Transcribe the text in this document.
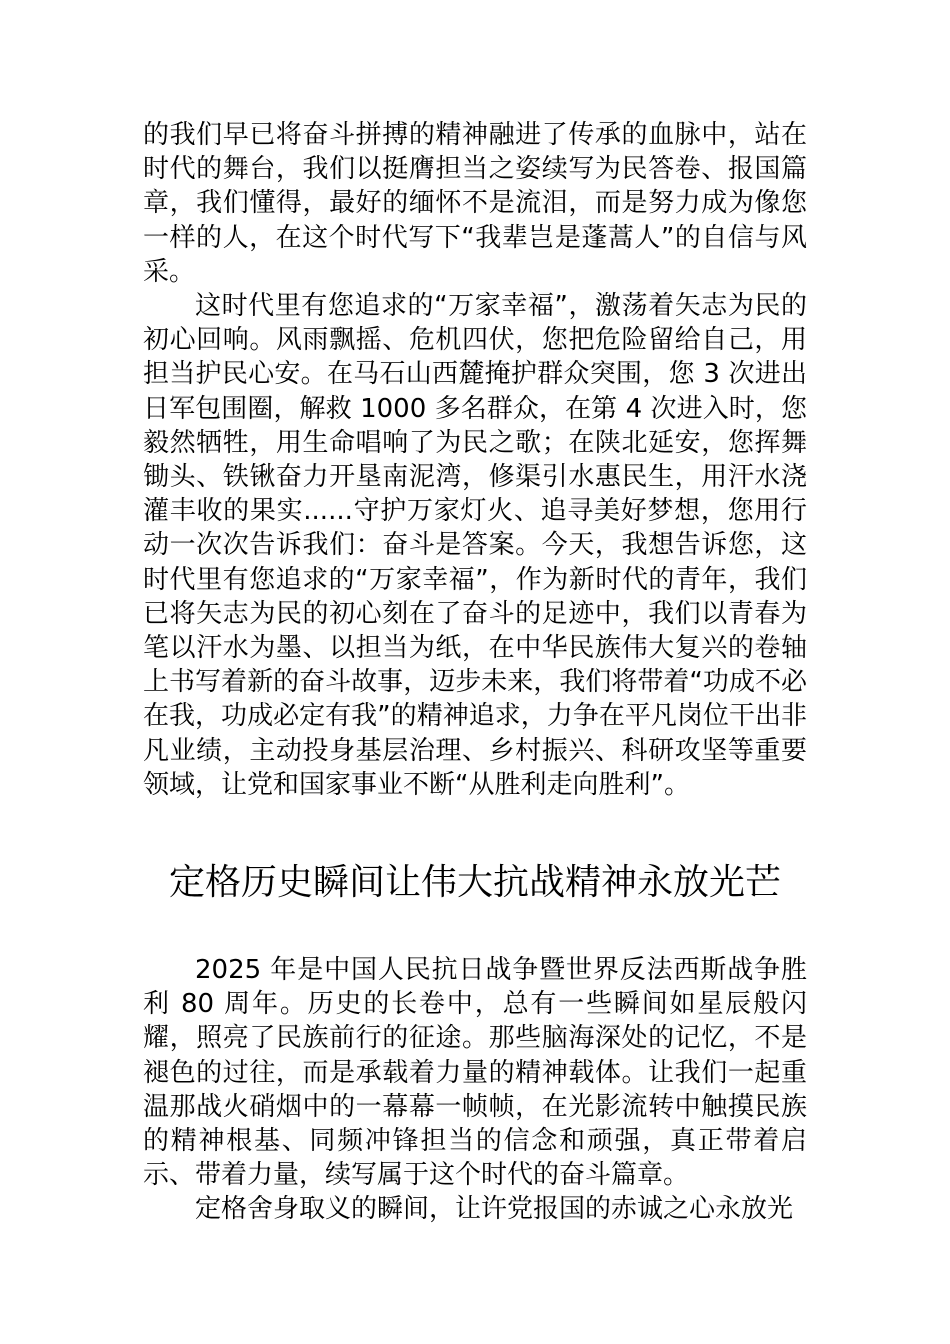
的我们早已将奋斗拼搏的精神融进了传承的血脉中，站在时代的舞台，我们以挺膺担当之姿续写为民答卷、报国篇章，我们懂得，最好的缅怀不是流泪，而是努力成为像您一样的人，在这个时代写下“我辈岂是蓬蒿人”的自信与风采。

这时代里有您追求的“万家幸福”，激荡着矢志为民的初心回响。风雨飘摇、危机四伏，您把危险留给自己，用担当护民心安。在马石山西麓掩护群众突围，您 3 次进出日军包围圈，解救 1000 多名群众，在第 4 次进入时，您毅然牺牲，用生命唱响了为民之歌；在陕北延安，您挥舞锄头、铁锹奋力开垦南泥湾，修渠引水惠民生，用汗水浇灌丰收的果实......守护万家灯火、追寻美好梦想，您用行动一次次告诉我们：奋斗是答案。今天，我想告诉您，这时代里有您追求的“万家幸福”，作为新时代的青年，我们已将矢志为民的初心刻在了奋斗的足迹中，我们以青春为笔以汗水为墨、以担当为纸，在中华民族伟大复兴的卷轴上书写着新的奋斗故事，迈步未来，我们将带着“功成不必在我，功成必定有我”的精神追求，力争在平凡岗位干出非凡业绩，主动投身基层治理、乡村振兴、科研攻坚等重要领域，让党和国家事业不断“从胜利走向胜利”。

定格历史瞬间让伟大抗战精神永放光芒

2025 年是中国人民抗日战争暨世界反法西斯战争胜利 80 周年。历史的长卷中，总有一些瞬间如星辰般闪耀，照亮了民族前行的征途。那些脑海深处的记忆，不是褪色的过往，而是承载着力量的精神载体。让我们一起重温那战火硝烟中的一幕幕一帧帧，在光影流转中触摸民族的精神根基、同频冲锋担当的信念和顽强，真正带着启示、带着力量，续写属于这个时代的奋斗篇章。

定格舍身取义的瞬间，让许党报国的赤诚之心永放光
